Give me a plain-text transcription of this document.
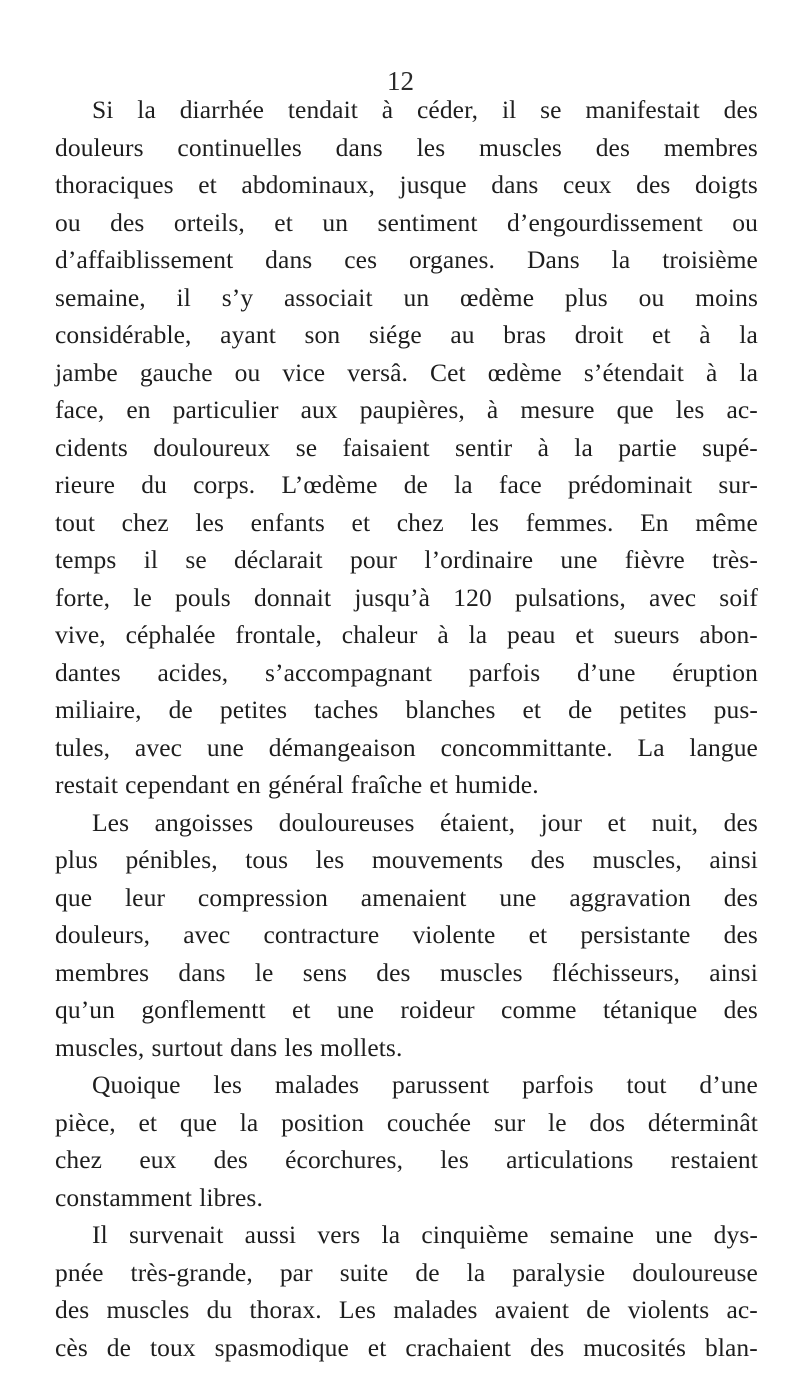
12
Si la diarrhée tendait à céder, il se manifestait des
douleurs continuelles dans les muscles des membres
thoraciques et abdominaux, jusque dans ceux des doigts
ou des orteils, et un sentiment d’engourdissement ou
d’affaiblissement dans ces organes. Dans la troisième
semaine, il s’y associait un œdème plus ou moins
considérable, ayant son siége au bras droit et à la
jambe gauche ou vice versâ. Cet œdème s’étendait à la
face, en particulier aux paupières, à mesure que les ac-
cidents douloureux se faisaient sentir à la partie supé-
rieure du corps. L’œdème de la face prédominait sur-
tout chez les enfants et chez les femmes. En même
temps il se déclarait pour l’ordinaire une fièvre très-
forte, le pouls donnait jusqu’à 120 pulsations, avec soif
vive, céphalée frontale, chaleur à la peau et sueurs abon-
dantes acides, s’accompagnant parfois d’une éruption
miliaire, de petites taches blanches et de petites pus-
tules, avec une démangeaison concommittante. La langue
restait cependant en général fraîche et humide.
Les angoisses douloureuses étaient, jour et nuit, des
plus pénibles, tous les mouvements des muscles, ainsi
que leur compression amenaient une aggravation des
douleurs, avec contracture violente et persistante des
membres dans le sens des muscles fléchisseurs, ainsi
qu’un gonflementt et une roideur comme tétanique des
muscles, surtout dans les mollets.
Quoique les malades parussent parfois tout d’une
pièce, et que la position couchée sur le dos déterminât
chez eux des écorchures, les articulations restaient
constamment libres.
Il survenait aussi vers la cinquième semaine une dys-
pnée très-grande, par suite de la paralysie douloureuse
des muscles du thorax. Les malades avaient de violents ac-
cès de toux spasmodique et crachaient des mucosités blan-
